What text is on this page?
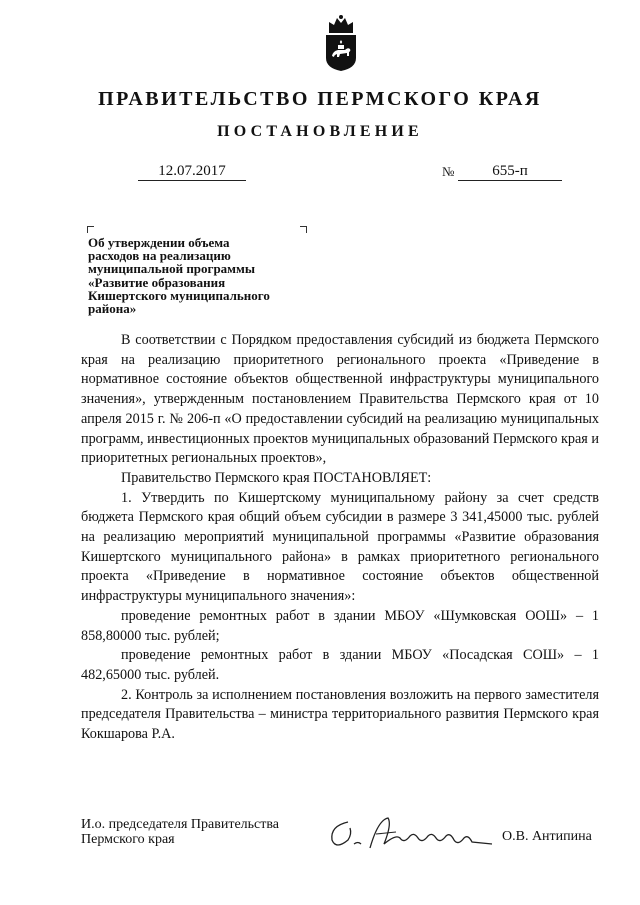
ПРАВИТЕЛЬСТВО ПЕРМСКОГО КРАЯ
ПОСТАНОВЛЕНИЕ
12.07.2017	№	655-п
Об утверждении объема
расходов на реализацию
муниципальной программы
«Развитие образования
Кишертского муниципального
района»

В соответствии с Порядком предоставления субсидий из бюджета Пермского края на реализацию приоритетного регионального проекта «Приведение в нормативное состояние объектов общественной инфраструктуры муниципального значения», утвержденным постановлением Правительства Пермского края от 10 апреля 2015 г. № 206-п «О предоставлении субсидий на реализацию муниципальных программ, инвестиционных проектов муниципальных образований Пермского края и приоритетных региональных проектов»,

Правительство Пермского края ПОСТАНОВЛЯЕТ:

1. Утвердить по Кишертскому муниципальному району за счет средств бюджета Пермского края общий объем субсидии в размере 3 341,45000 тыс. рублей на реализацию мероприятий муниципальной программы «Развитие образования Кишертского муниципального района» в рамках приоритетного регионального проекта «Приведение в нормативное состояние объектов общественной инфраструктуры муниципального значения»:

проведение ремонтных работ в здании МБОУ «Шумковская ООШ» – 1 858,80000 тыс. рублей;

проведение ремонтных работ в здании МБОУ «Посадская СОШ» – 1 482,65000 тыс. рублей.

2. Контроль за исполнением постановления возложить на первого заместителя председателя Правительства – министра территориального развития Пермского края Кокшарова Р.А.

И.о. председателя Правительства
Пермского края	О.В. Антипина
